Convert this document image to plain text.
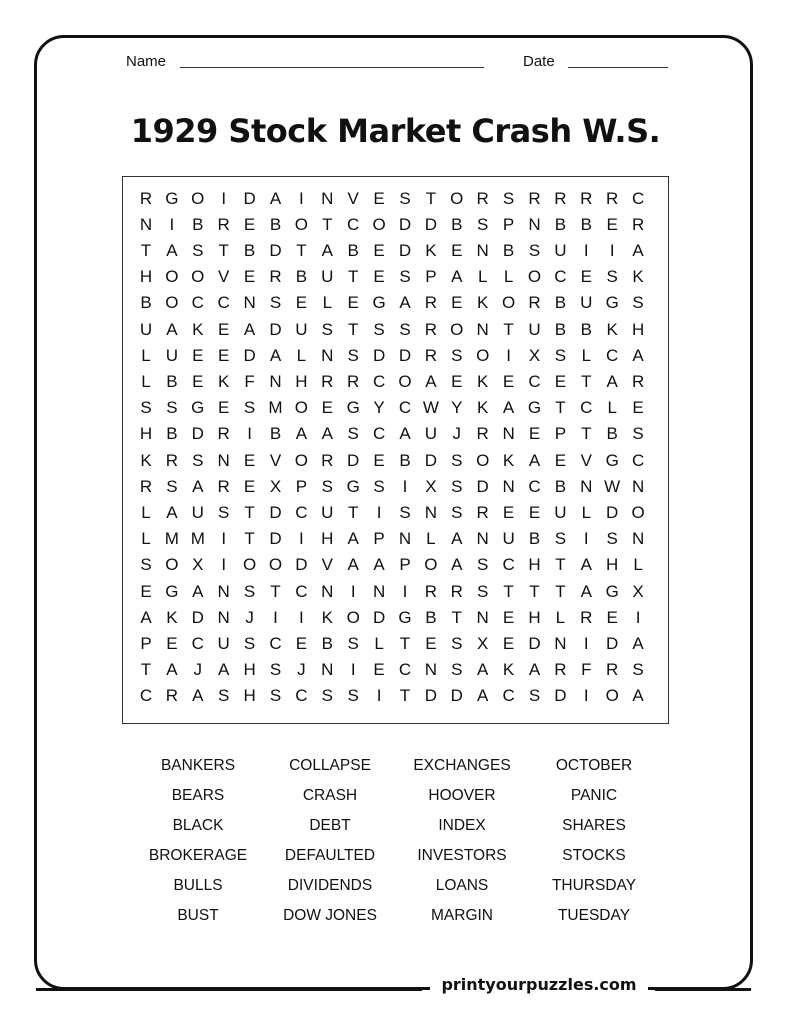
Name	Date
1929 Stock Market Crash W.S.
R G O I	D A	I	N V E S T O R S R R R R C
N	I	B R E B O T C O D D B S P N B B E R
T A S T B D T A B E D K E N B S U	I	I	A
H O O V E R B U T E S P A L L O C E S K
B O C C N S E L E G A R E K O R B U G S
U A K E A D U S T S S R O N T U B B K H
L U E E D A L N S D D R S O I	X S L C A
L B E K F N H R R C O A E K E C E T A R
S S G E S M O E G Y C W Y K A G T C L E
H B D R	I	B A A S C A U J R N E P T B S
K R S N E V O R D E B D S O K A E V G C
R S A R E X P S G S	I	X S D N C B N W N
L A U S T D C U T	I	S N S R E E U L D O
L M M I	T D	I	H A P N L A N U B S	I	S N
S O X	I O O D V A A P O A S C H T A H L
E G A N S T C N	I	N	I	R R S T T T A G X
A K D N J	I	I	K O D G B T N E H L R E	I
P E C U S C E B S L T E S X E D N	I	D A
T A J A H S J N	I	E C N S A K A R F R S
C R A S H S C S S	I	T D D A C S D	I O A
BANKERS	COLLAPSE	EXCHANGES	OCTOBER
BEARS	CRASH	HOOVER	PANIC
BLACK	DEBT	INDEX	SHARES
BROKERAGE	DEFAULTED	INVESTORS	STOCKS
BULLS	DIVIDENDS	LOANS	THURSDAY
BUST	DOW JONES	MARGIN	TUESDAY
printyourpuzzles.com
